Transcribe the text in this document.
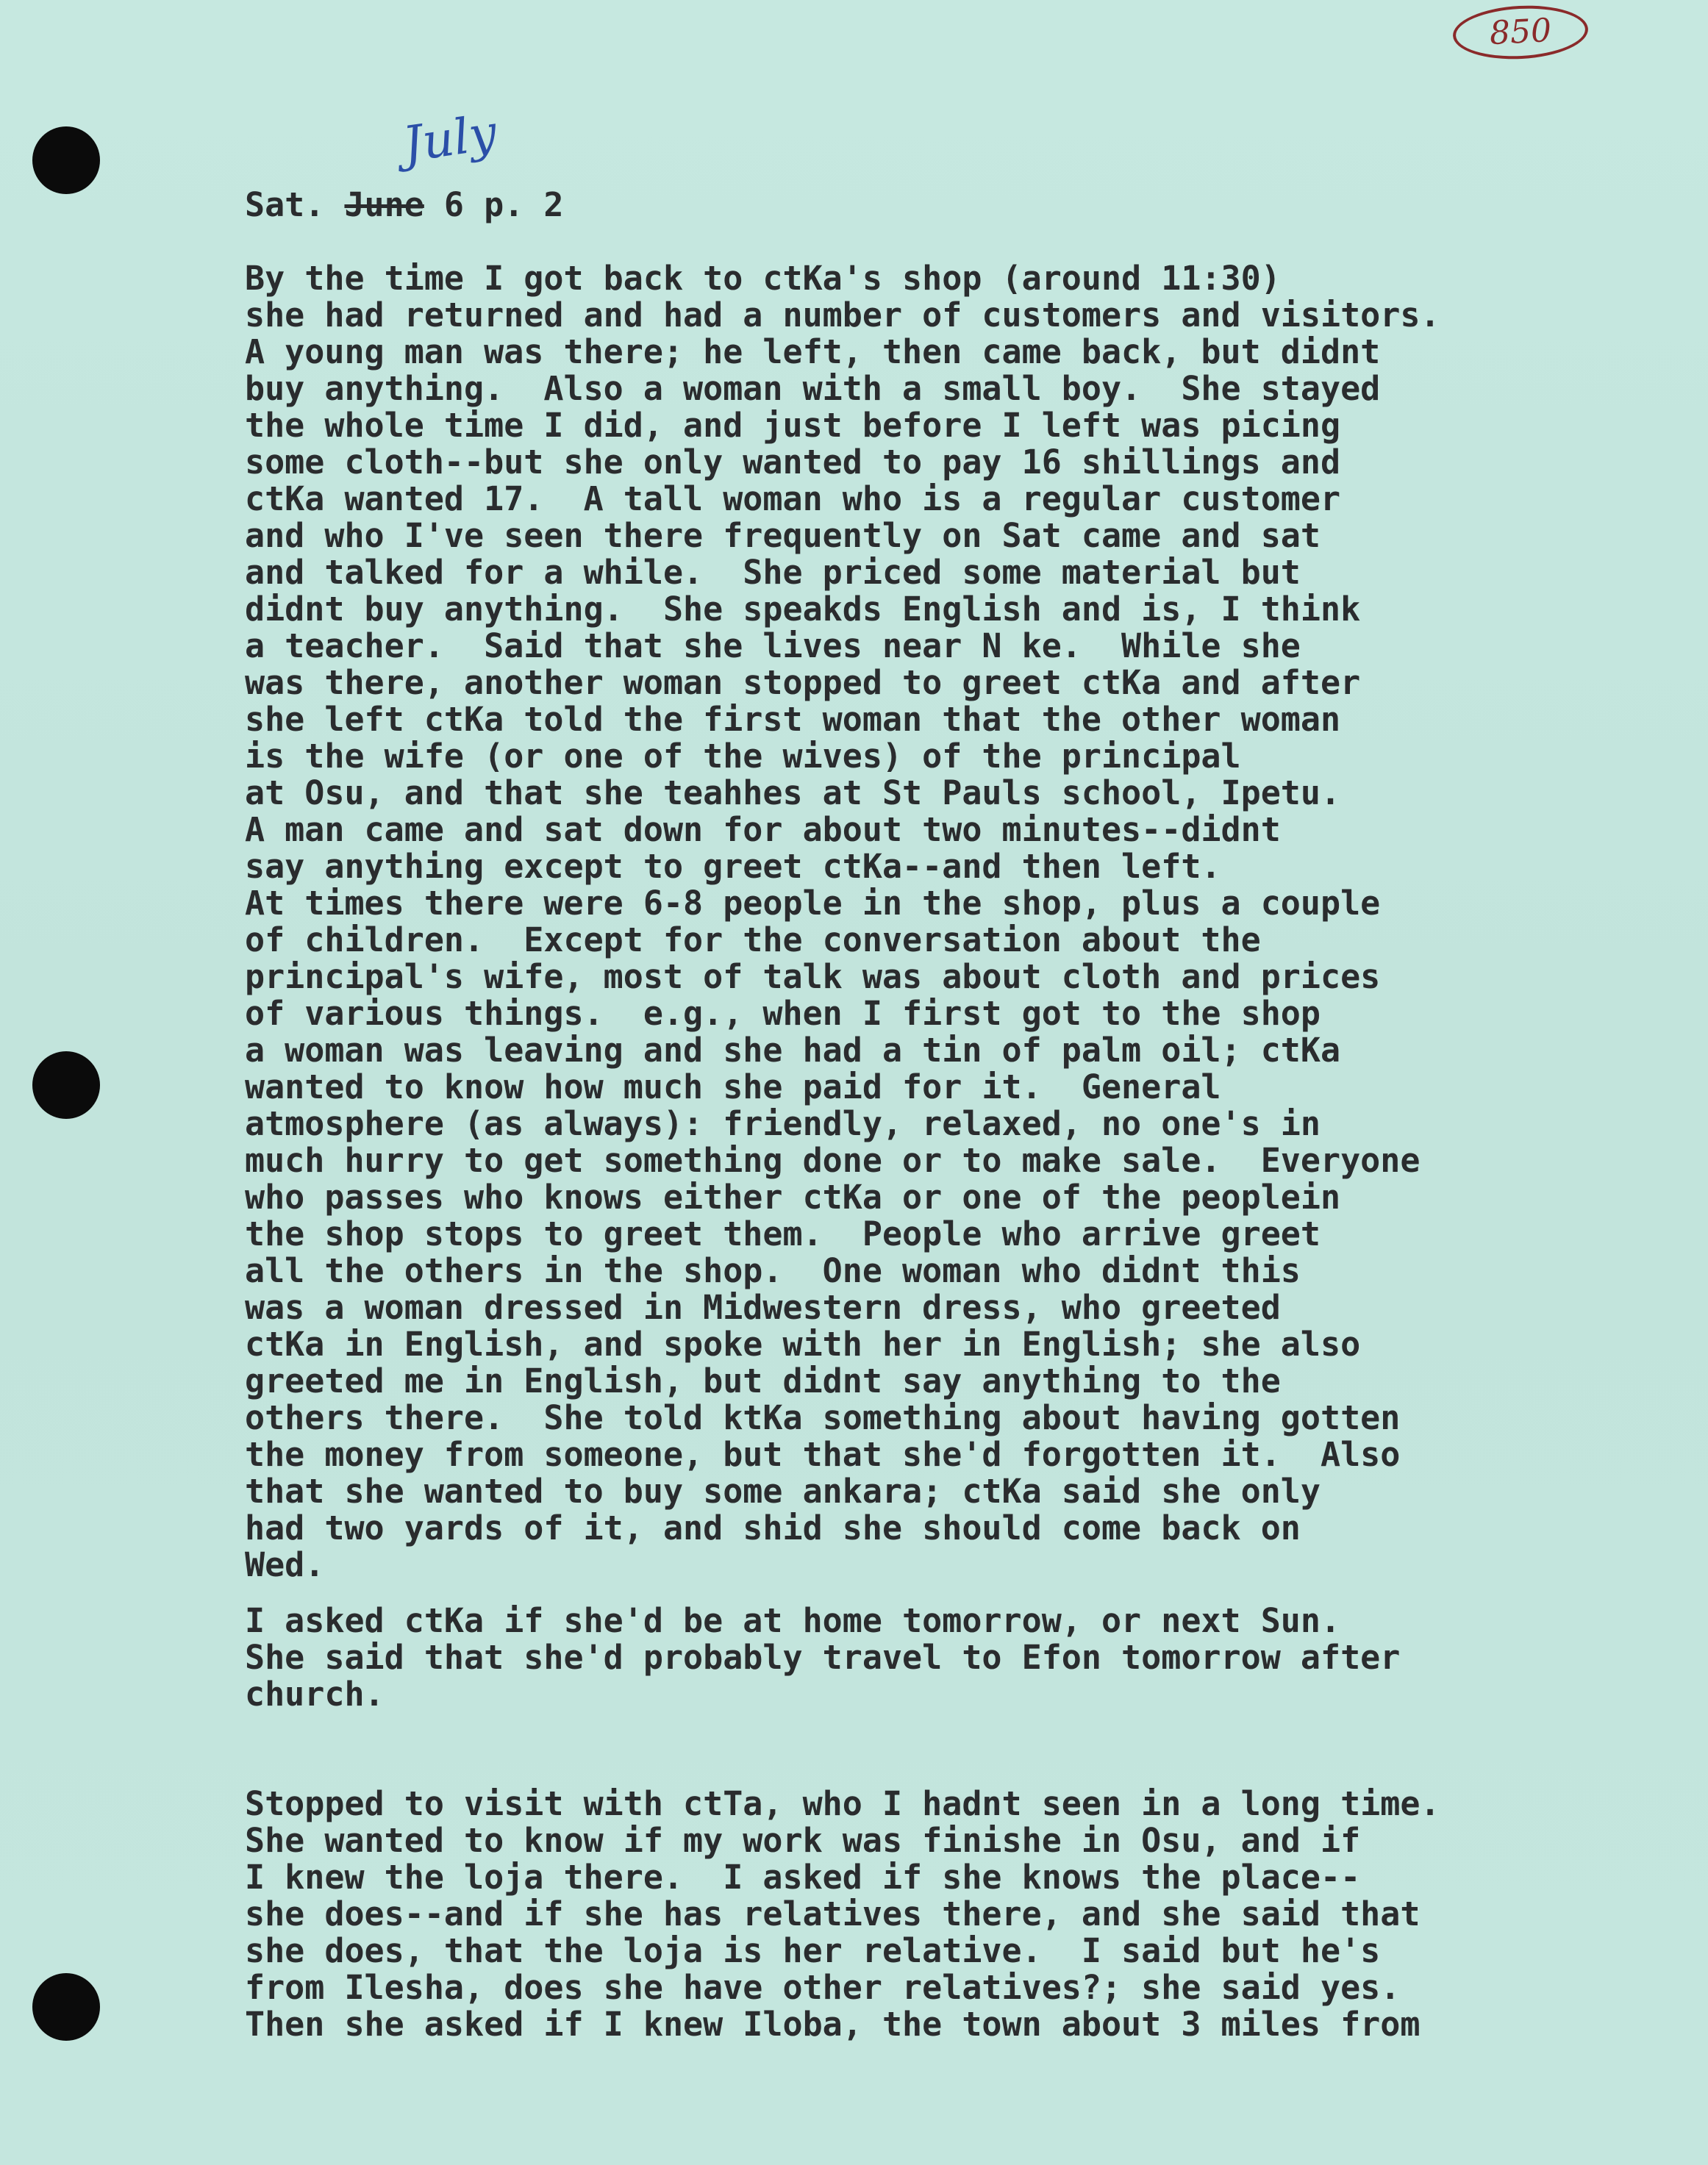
850
July

Sat. June 6 p. 2

By the time I got back to ctKa's shop (around 11:30)
she had returned and had a number of customers and visitors.
A young man was there; he left, then came back, but didnt
buy anything.  Also a woman with a small boy.  She stayed
the whole time I did, and just before I left was picing
some cloth--but she only wanted to pay 16 shillings and
ctKa wanted 17.  A tall woman who is a regular customer
and who I've seen there frequently on Sat came and sat
and talked for a while.  She priced some material but
didnt buy anything.  She speakds English and is, I think
a teacher.  Said that she lives near N ke.  While she
was there, another woman stopped to greet ctKa and after
she left ctKa told the first woman that the other woman
is the wife (or one of the wives) of the principal
at Osu, and that she teahhes at St Pauls school, Ipetu.
A man came and sat down for about two minutes--didnt
say anything except to greet ctKa--and then left.
At times there were 6-8 people in the shop, plus a couple
of children.  Except for the conversation about the
principal's wife, most of talk was about cloth and prices
of various things.  e.g., when I first got to the shop
a woman was leaving and she had a tin of palm oil; ctKa
wanted to know how much she paid for it.  General
atmosphere (as always): friendly, relaxed, no one's in
much hurry to get something done or to make sale.  Everyone
who passes who knows either ctKa or one of the peoplein
the shop stops to greet them.  People who arrive greet
all the others in the shop.  One woman who didnt this
was a woman dressed in Midwestern dress, who greeted
ctKa in English, and spoke with her in English; she also
greeted me in English, but didnt say anything to the
others there.  She told ktKa something about having gotten
the money from someone, but that she'd forgotten it.  Also
that she wanted to buy some ankara; ctKa said she only
had two yards of it, and shid she should come back on
Wed.

I asked ctKa if she'd be at home tomorrow, or next Sun.
She said that she'd probably travel to Efon tomorrow after
church.

Stopped to visit with ctTa, who I hadnt seen in a long time.
She wanted to know if my work was finishe in Osu, and if
I knew the loja there.  I asked if she knows the place--
she does--and if she has relatives there, and she said that
she does, that the loja is her relative.  I said but he's
from Ilesha, does she have other relatives?; she said yes.
Then she asked if I knew Iloba, the town about 3 miles from
